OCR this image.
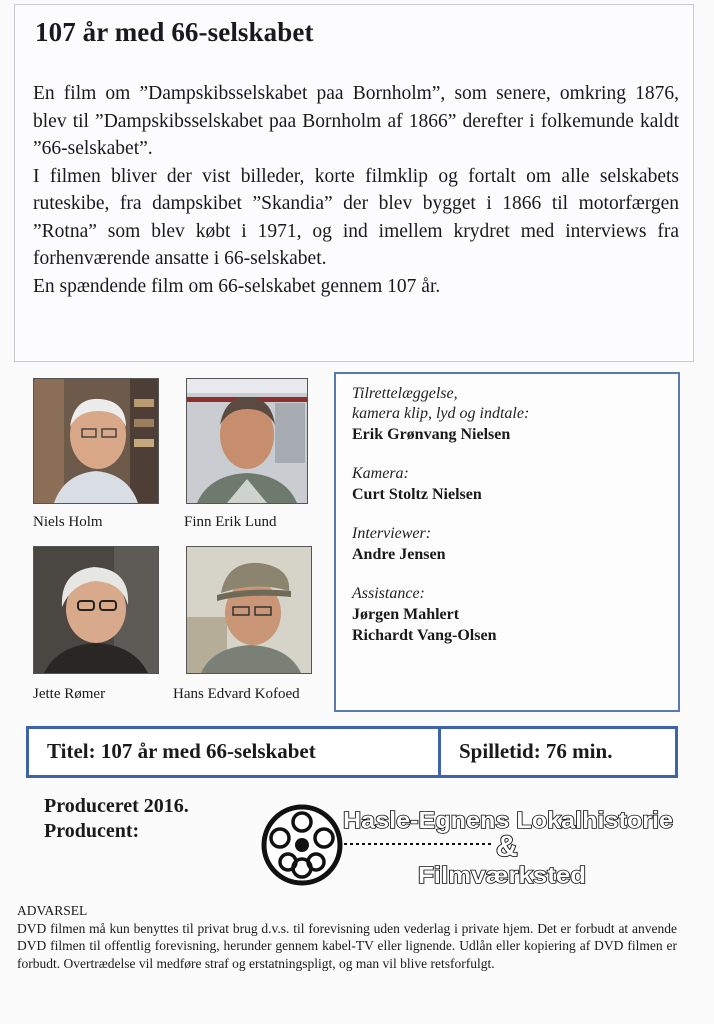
107 år med 66-selskabet

En film om ”Dampskibsselskabet paa Bornholm”, som senere, omkring 1876, blev til ”Dampskibsselskabet paa Bornholm af 1866” derefter i folkemunde kaldt ”66-selskabet”.

I filmen bliver der vist billeder, korte filmklip og fortalt om alle selskabets ruteskibe, fra dampskibet ”Skandia” der blev bygget i 1866 til motorfærgen ”Rotna” som blev købt i 1971, og ind imellem krydret med interviews fra forhenværende ansatte i 66-selskabet.

En spændende film om 66-selskabet gennem 107 år.

Niels Holm	Finn Erik Lund
Jette Rømer	Hans Edvard Kofoed
Tilrettelæggelse,
kamera klip, lyd og indtale:
Erik Grønvang Nielsen
Kamera:
Curt Stoltz Nielsen
Interviewer:
Andre Jensen
Assistance:
Jørgen Mahlert
Richardt Vang-Olsen
Titel: 107 år med 66-selskabet	Spilletid: 76 min.
Produceret 2016.
Producent:	Hasle-Egnens Lokalhistorie
&
Filmværksted
ADVARSEL
DVD filmen må kun benyttes til privat brug d.v.s. til forevisning uden vederlag i private hjem. Det er forbudt at anvende DVD filmen til offentlig forevisning, herunder gennem kabel-TV eller lignende. Udlån eller kopiering af DVD filmen er forbudt. Overtrædelse vil medføre straf og erstatningspligt, og man vil blive retsforfulgt.
